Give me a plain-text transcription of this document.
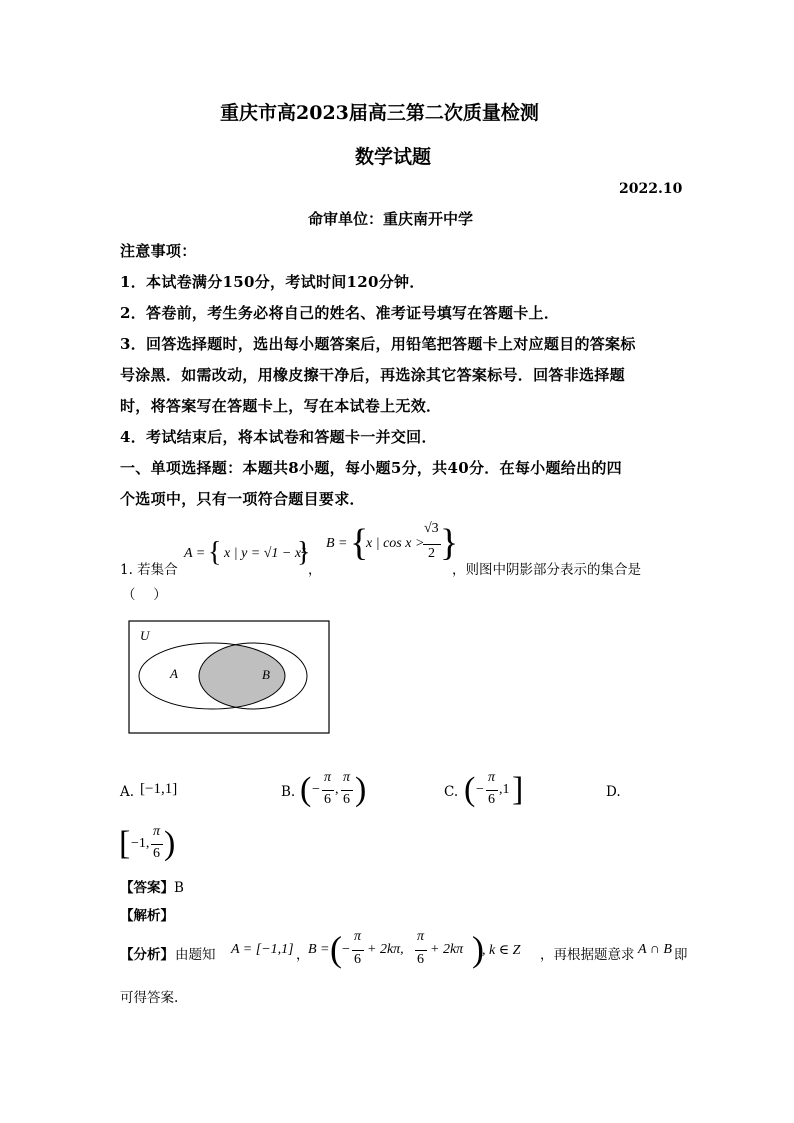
重庆市高2023届高三第二次质量检测
数学试题
2022.10
命审单位：重庆南开中学
注意事项：
1．本试卷满分150分，考试时间120分钟．
2．答卷前，考生务必将自己的姓名、准考证号填写在答题卡上．
3．回答选择题时，选出每小题答案后，用铅笔把答题卡上对应题目的答案标
号涂黑．如需改动，用橡皮擦干净后，再选涂其它答案标号．回答非选择题
时，将答案写在答题卡上，写在本试卷上无效．
4．考试结束后，将本试卷和答题卡一并交回．
一、单项选择题：本题共8小题，每小题5分，共40分．在每小题给出的四
个选项中，只有一项符合题目要求．
1. 若集合
A = { x | y = √1 − x²
}
，
B = {
x | cos x >
√3
2 }
，则图中阴影部分表示的集合是
（　 ）
U
A	B
A. [−1,1]	B. ( −
π
6
,
π
6 )	C. ( −
π
6
,1 ]	D.
[ −1,
π
6 )
【答案】B
【解析】
【分析】 由题知 A = [−1,1] ，
B = ( −
π
6
+ 2kπ,
π
6
+ 2kπ )
, k ∈ Z ，再根据题意求 A ∩ B 即
可得答案.
